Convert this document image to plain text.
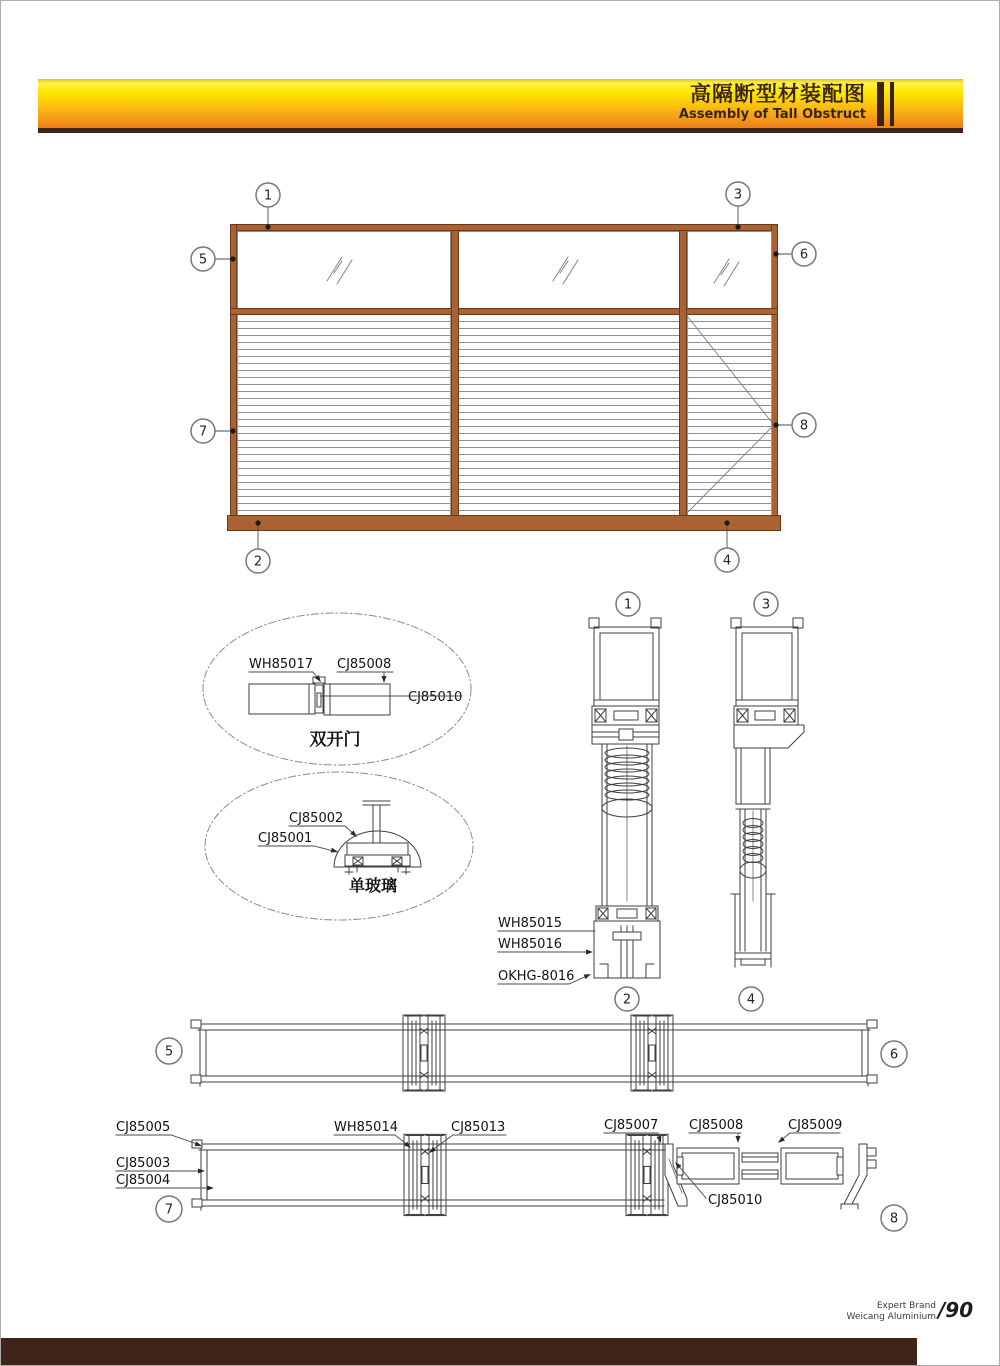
高隔断型材装配图
Assembly of Tall Obstruct
Expert Brand
Weicang Aluminium /90
1	3
5	6
7	8
2	4
WH85017 CJ85008
CJ85010
双开门
CJ85002
CJ85001
单玻璃
WH85015
WH85016
OKHG-8016
1	3
2	4
5	6
CJ85005
CJ85003
CJ85004
WH85014	CJ85013	CJ85007 CJ85008	CJ85009
CJ85010
7
8
